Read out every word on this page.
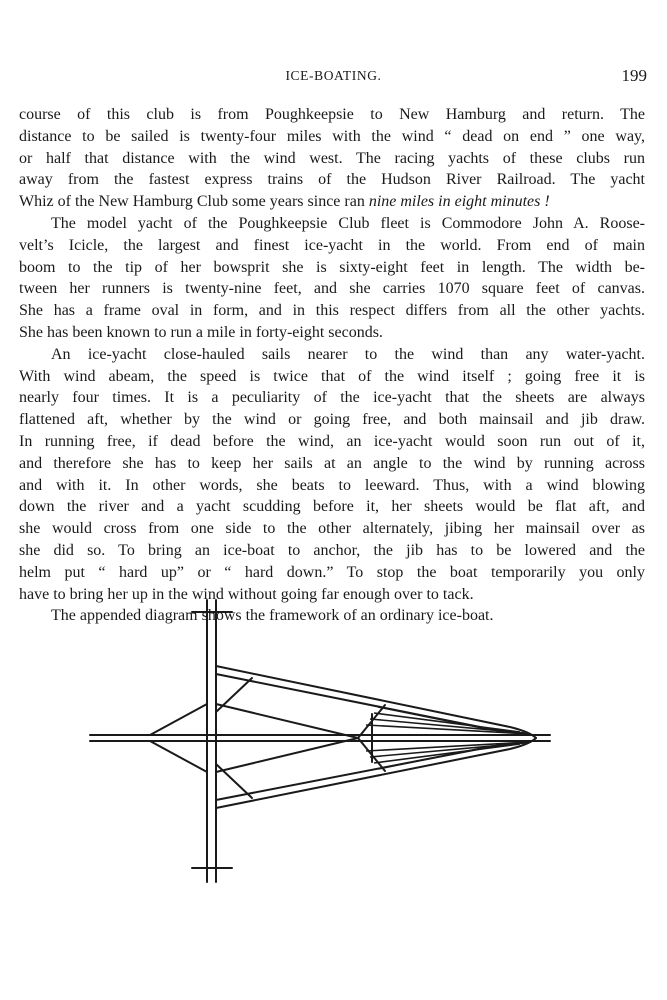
ICE-BOATING.	199
course of this club is from Poughkeepsie to New Hamburg and return. The
distance to be sailed is twenty-four miles with the wind “ dead on end ” one way,
or half that distance with the wind west. The racing yachts of these clubs run
away from the fastest express trains of the Hudson River Railroad. The yacht
Whiz of the New Hamburg Club some years since ran nine miles in eight minutes !
The model yacht of the Poughkeepsie Club fleet is Commodore John A. Roose-
velt’s Icicle, the largest and finest ice-yacht in the world. From end of main
boom to the tip of her bowsprit she is sixty-eight feet in length. The width be-
tween her runners is twenty-nine feet, and she carries 1070 square feet of canvas.
She has a frame oval in form, and in this respect differs from all the other yachts.
She has been known to run a mile in forty-eight seconds.
An ice-yacht close-hauled sails nearer to the wind than any water-yacht.
With wind abeam, the speed is twice that of the wind itself ; going free it is
nearly four times. It is a peculiarity of the ice-yacht that the sheets are always
flattened aft, whether by the wind or going free, and both mainsail and jib draw.
In running free, if dead before the wind, an ice-yacht would soon run out of it,
and therefore she has to keep her sails at an angle to the wind by running across
and with it. In other words, she beats to leeward. Thus, with a wind blowing
down the river and a yacht scudding before it, her sheets would be flat aft, and
she would cross from one side to the other alternately, jibing her mainsail over as
she did so. To bring an ice-boat to anchor, the jib has to be lowered and the
helm put “ hard up” or “ hard down.” To stop the boat temporarily you only
have to bring her up in the wind without going far enough over to tack.
The appended diagram shows the framework of an ordinary ice-boat.
